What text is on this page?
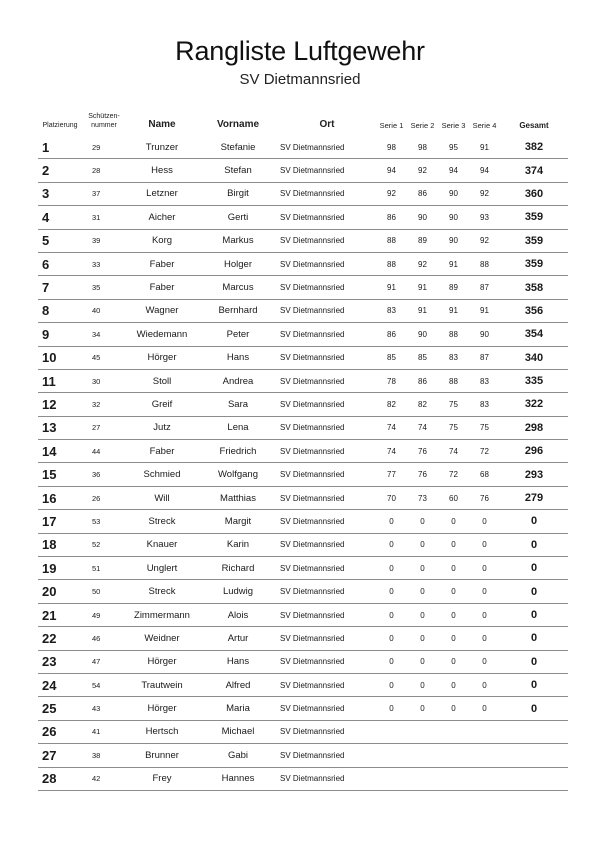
Rangliste Luftgewehr
SV Dietmannsried
Platzierung	Schützen-
nummer	Name	Vorname	Ort	Serie 1	Serie 2	Serie 3	Serie 4	Gesamt
1	29	Trunzer	Stefanie	SV Dietmannsried	98	98	95	91	382
2	28	Hess	Stefan	SV Dietmannsried	94	92	94	94	374
3	37	Letzner	Birgit	SV Dietmannsried	92	86	90	92	360
4	31	Aicher	Gerti	SV Dietmannsried	86	90	90	93	359
5	39	Korg	Markus	SV Dietmannsried	88	89	90	92	359
6	33	Faber	Holger	SV Dietmannsried	88	92	91	88	359
7	35	Faber	Marcus	SV Dietmannsried	91	91	89	87	358
8	40	Wagner	Bernhard	SV Dietmannsried	83	91	91	91	356
9	34	Wiedemann	Peter	SV Dietmannsried	86	90	88	90	354
10	45	Hörger	Hans	SV Dietmannsried	85	85	83	87	340
11	30	Stoll	Andrea	SV Dietmannsried	78	86	88	83	335
12	32	Greif	Sara	SV Dietmannsried	82	82	75	83	322
13	27	Jutz	Lena	SV Dietmannsried	74	74	75	75	298
14	44	Faber	Friedrich	SV Dietmannsried	74	76	74	72	296
15	36	Schmied	Wolfgang	SV Dietmannsried	77	76	72	68	293
16	26	Will	Matthias	SV Dietmannsried	70	73	60	76	279
17	53	Streck	Margit	SV Dietmannsried	0	0	0	0	0
18	52	Knauer	Karin	SV Dietmannsried	0	0	0	0	0
19	51	Unglert	Richard	SV Dietmannsried	0	0	0	0	0
20	50	Streck	Ludwig	SV Dietmannsried	0	0	0	0	0
21	49	Zimmermann	Alois	SV Dietmannsried	0	0	0	0	0
22	46	Weidner	Artur	SV Dietmannsried	0	0	0	0	0
23	47	Hörger	Hans	SV Dietmannsried	0	0	0	0	0
24	54	Trautwein	Alfred	SV Dietmannsried	0	0	0	0	0
25	43	Hörger	Maria	SV Dietmannsried	0	0	0	0	0
26	41	Hertsch	Michael	SV Dietmannsried					
27	38	Brunner	Gabi	SV Dietmannsried					
28	42	Frey	Hannes	SV Dietmannsried					
